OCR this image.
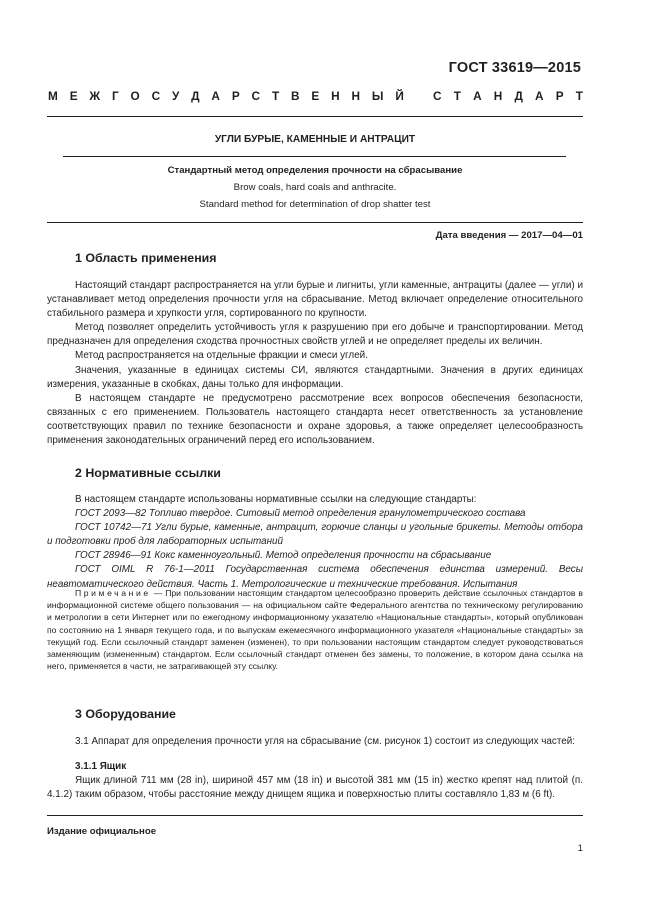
ГОСТ 33619—2015
М Е Ж Г О С У Д А Р С Т В Е Н Н Ы Й С Т А Н Д А Р Т
УГЛИ БУРЫЕ, КАМЕННЫЕ И АНТРАЦИТ
Стандартный метод определения прочности на сбрасывание
Brow coals, hard coals and anthracite.
Standard method for determination of drop shatter test
Дата введения — 2017—04—01
1 Область применения

Настоящий стандарт распространяется на угли бурые и лигниты, угли каменные, антрациты (далее — угли) и устанавливает метод определения прочности угля на сбрасывание. Метод включает определение относительного стабильного размера и хрупкости угля, сортированного по крупности.

Метод позволяет определить устойчивость угля к разрушению при его добыче и транспортировании. Метод предназначен для определения сходства прочностных свойств углей и не определяет пределы их величин.

Метод распространяется на отдельные фракции и смеси углей.

Значения, указанные в единицах системы СИ, являются стандартными. Значения в других единицах измерения, указанные в скобках, даны только для информации.

В настоящем стандарте не предусмотрено рассмотрение всех вопросов обеспечения безопасности, связанных с его применением. Пользователь настоящего стандарта несет ответственность за установление соответствующих правил по технике безопасности и охране здоровья, а также определяет целесообразность применения законодательных ограничений перед его использованием.

2 Нормативные ссылки

В настоящем стандарте использованы нормативные ссылки на следующие стандарты:

ГОСТ 2093—82 Топливо твердое. Ситовый метод определения гранулометрического состава

ГОСТ 10742—71 Угли бурые, каменные, антрацит, горючие сланцы и угольные брикеты. Методы отбора и подготовки проб для лабораторных испытаний

ГОСТ 28946—91 Кокс каменноугольный. Метод определения прочности на сбрасывание

ГОСТ OIML R 76-1—2011 Государственная система обеспечения единства измерений. Весы неавтоматического действия. Часть 1. Метрологические и технические требования. Испытания

Примечание — При пользовании настоящим стандартом целесообразно проверить действие ссылочных стандартов в информационной системе общего пользования — на официальном сайте Федерального агентства по техническому регулированию и метрологии в сети Интернет или по ежегодному информационному указателю «Национальные стандарты», который опубликован по состоянию на 1 января текущего года, и по выпускам ежемесячного информационного указателя «Национальные стандарты» за текущий год. Если ссылочный стандарт заменен (изменен), то при пользовании настоящим стандартом следует руководствоваться заменяющим (измененным) стандартом. Если ссылочный стандарт отменен без замены, то положение, в котором дана ссылка на него, применяется в части, не затрагивающей эту ссылку.

3 Оборудование

3.1 Аппарат для определения прочности угля на сбрасывание (см. рисунок 1) состоит из следующих частей:

3.1.1 Ящик

Ящик длиной 711 мм (28 in), шириной 457 мм (18 in) и высотой 381 мм (15 in) жестко крепят над плитой (п. 4.1.2) таким образом, чтобы расстояние между днищем ящика и поверхностью плиты составляло 1,83 м (6 ft).

Издание официальное
1
